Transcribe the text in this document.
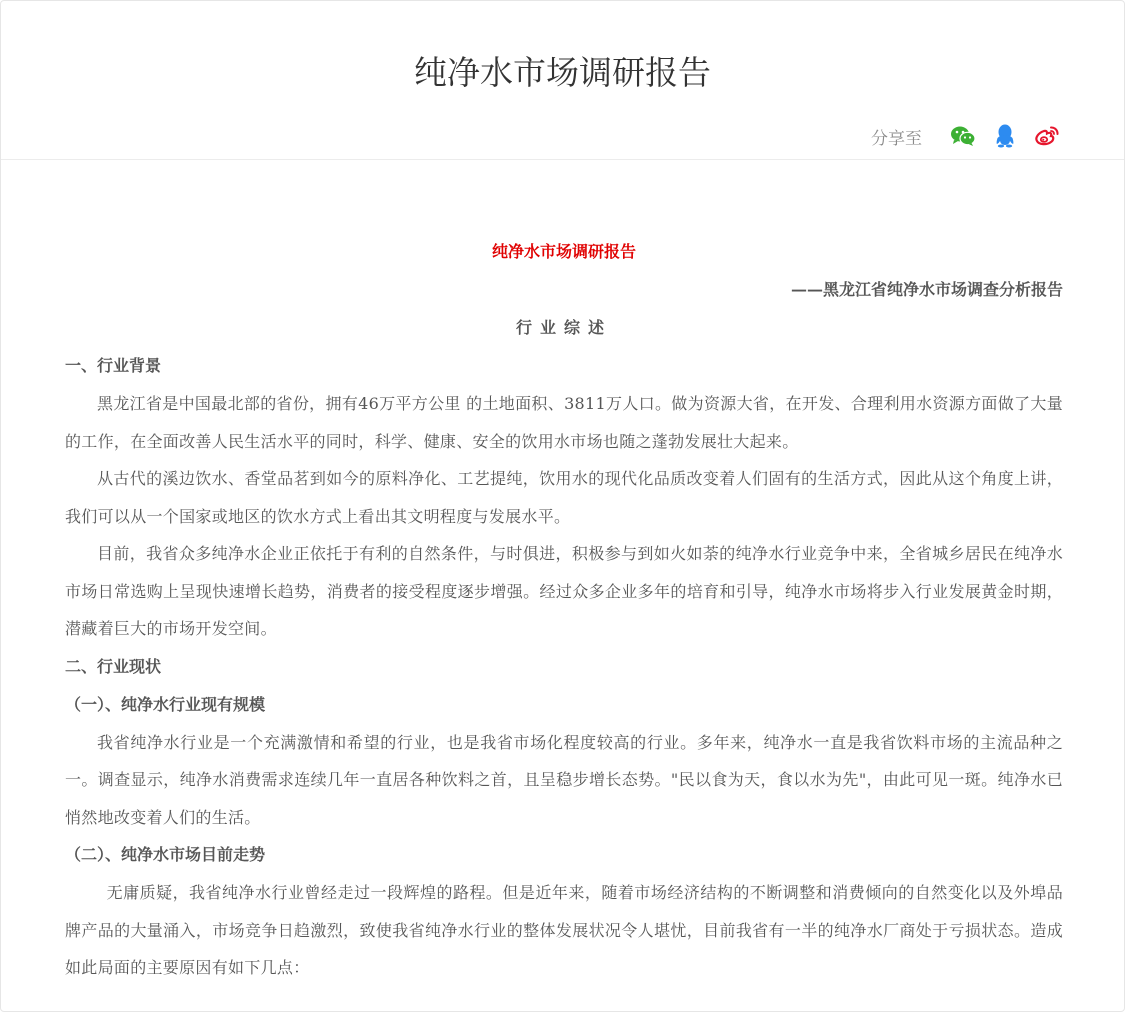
纯净水市场调研报告
分享至

纯净水市场调研报告

——黑龙江省纯净水市场调查分析报告

行业综述

一、行业背景

黑龙江省是中国最北部的省份，拥有46万平方公里 的土地面积、3811万人口。做为资源大省，在开发、合理利用水资源方面做了大量的工作，在全面改善人民生活水平的同时，科学、健康、安全的饮用水市场也随之蓬勃发展壮大起来。

从古代的溪边饮水、香堂品茗到如今的原料净化、工艺提纯，饮用水的现代化品质改变着人们固有的生活方式，因此从这个角度上讲，我们可以从一个国家或地区的饮水方式上看出其文明程度与发展水平。

目前，我省众多纯净水企业正依托于有利的自然条件，与时俱进，积极参与到如火如荼的纯净水行业竞争中来，全省城乡居民在纯净水市场日常选购上呈现快速增长趋势，消费者的接受程度逐步增强。经过众多企业多年的培育和引导，纯净水市场将步入行业发展黄金时期，潜藏着巨大的市场开发空间。

二、行业现状

（一）、纯净水行业现有规模

我省纯净水行业是一个充满激情和希望的行业，也是我省市场化程度较高的行业。多年来，纯净水一直是我省饮料市场的主流品种之一。调查显示，纯净水消费需求连续几年一直居各种饮料之首，且呈稳步增长态势。"民以食为天，食以水为先"，由此可见一斑。纯净水已悄然地改变着人们的生活。

（二）、纯净水市场目前走势

无庸质疑，我省纯净水行业曾经走过一段辉煌的路程。但是近年来，随着市场经济结构的不断调整和消费倾向的自然变化以及外埠品牌产品的大量涌入，市场竞争日趋激烈，致使我省纯净水行业的整体发展状况令人堪忧，目前我省有一半的纯净水厂商处于亏损状态。造成如此局面的主要原因有如下几点：
